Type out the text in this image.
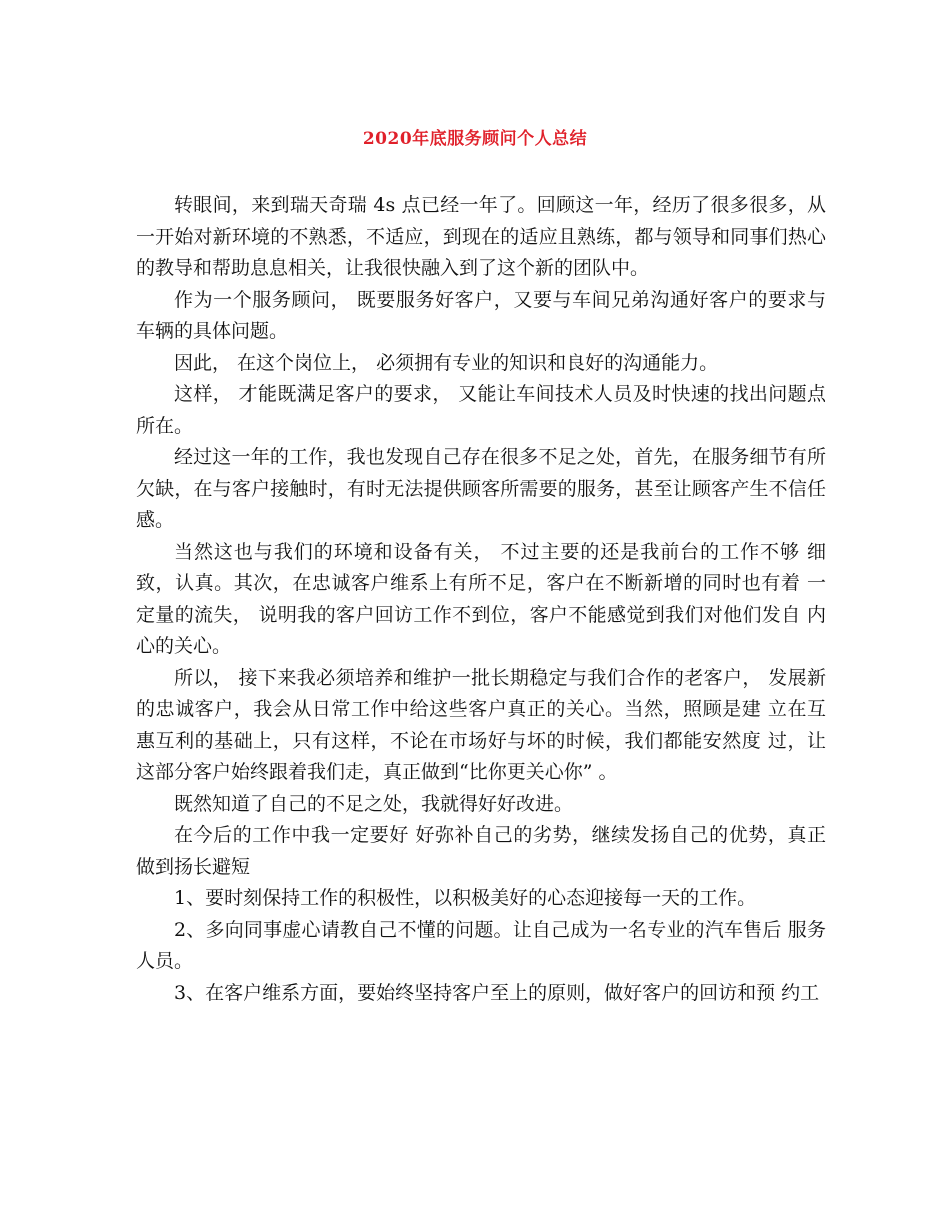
2020年底服务顾问个人总结

转眼间，来到瑞天奇瑞 4s 点已经一年了。回顾这一年，经历了很多很多，从一开始对新环境的不熟悉，不适应，到现在的适应且熟练，都与领导和同事们热心的教导和帮助息息相关，让我很快融入到了这个新的团队中。

作为一个服务顾问， 既要服务好客户，又要与车间兄弟沟通好客户的要求与车辆的具体问题。

因此， 在这个岗位上， 必须拥有专业的知识和良好的沟通能力。

这样， 才能既满足客户的要求， 又能让车间技术人员及时快速的找出问题点所在。

经过这一年的工作，我也发现自己存在很多不足之处，首先，在服务细节有所欠缺，在与客户接触时，有时无法提供顾客所需要的服务，甚至让顾客产生不信任感。

当然这也与我们的环境和设备有关， 不过主要的还是我前台的工作不够 细致，认真。其次，在忠诚客户维系上有所不足，客户在不断新增的同时也有着 一定量的流失， 说明我的客户回访工作不到位，客户不能感觉到我们对他们发自 内心的关心。

所以， 接下来我必须培养和维护一批长期稳定与我们合作的老客户， 发展新的忠诚客户，我会从日常工作中给这些客户真正的关心。当然，照顾是建 立在互惠互利的基础上，只有这样，不论在市场好与坏的时候，我们都能安然度 过，让这部分客户始终跟着我们走，真正做到“比你更关心你” 。

既然知道了自己的不足之处，我就得好好改进。

在今后的工作中我一定要好 好弥补自己的劣势，继续发扬自己的优势，真正做到扬长避短

1、要时刻保持工作的积极性，以积极美好的心态迎接每一天的工作。

2、多向同事虚心请教自己不懂的问题。让自己成为一名专业的汽车售后 服务人员。

3、在客户维系方面，要始终坚持客户至上的原则，做好客户的回访和预 约工
